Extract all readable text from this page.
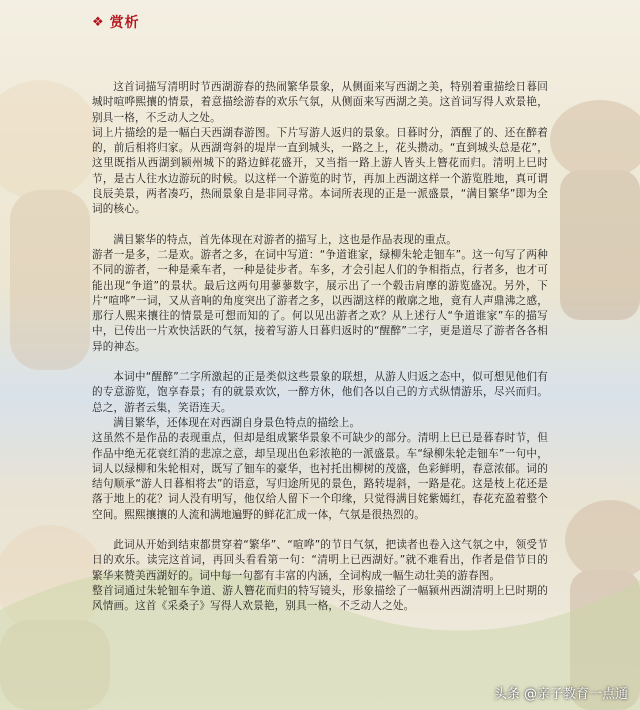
❖ 赏析

这首词描写清明时节西湖游春的热闹繁华景象，从侧面来写西湖之美，特别着重描绘日暮回城时喧哗熙攘的情景，着意描绘游春的欢乐气氛，从侧面来写西湖之美。这首词写得人欢景艳，别具一格，不乏动人之处。

词上片描绘的是一幅白天西湖春游图。下片写游人返归的景象。日暮时分，酒醒了的、还在醉着的，前后相将归家。从西湖弯斜的堤岸一直到城头，一路之上，花头攒动。“直到城头总是花”，这里既指从西湖到颍州城下的路边鲜花盛开，又当指一路上游人皆头上簪花而归。清明上巳时节，是古人往水边游玩的时候。以这样一个游览的时节，再加上西湖这样一个游览胜地，真可谓良辰美景，两者凑巧，热闹景象自是非同寻常。本词所表现的正是一派盛景，“满目繁华”即为全词的核心。

满目繁华的特点，首先体现在对游者的描写上，这也是作品表现的重点。

游者一是多，二是欢。游者之多，在词中写道：“争道谁家，绿柳朱轮走钿车”。这一句写了两种不同的游者，一种是乘车者，一种是徒步者。车多，才会引起人们的争相指点，行者多，也才可能出现“争道”的景状。最后这两句用蓼蓼数字，展示出了一个毂击肩摩的游览盛况。另外，下片“喧哗”一词，又从音响的角度突出了游者之多，以西湖这样的敞廓之地，竟有人声鼎沸之感，那行人熙来攘往的情景是可想而知的了。何以见出游者之欢？从上述行人“争道谁家”车的描写中，已传出一片欢快活跃的气氛，接着写游人日暮归返时的“醒醉”二字，更是道尽了游者各各相异的神态。

本词中“醒醉”二字所激起的正是类似这些景象的联想，从游人归返之态中，似可想见他们有的专意游览，饱享春景；有的就景欢饮，一醉方休，他们各以自己的方式纵情游乐，尽兴而归。总之，游者云集，笑语连天。

满目繁华，还体现在对西湖自身景色特点的描绘上。

这虽然不是作品的表现重点，但却是组成繁华景象不可缺少的部分。清明上巳已是暮春时节，但作品中绝无花衰红消的悲凉之意，却呈现出色彩浓艳的一派盛景。车“绿柳朱轮走钿车”一句中，词人以绿柳和朱轮相对，既写了钿车的豪华，也衬托出柳树的茂盛，色彩鲜明，春意浓郁。词的结句顺承“游人日暮相将去”的语意，写归途所见的景色，路转堤斜，一路是花。这是枝上花还是落于地上的花？词人没有明写，他仅给人留下一个印缘，只觉得满目姹紫嫣红，春花充盈着整个空间。熙熙攘攘的人流和满地遍野的鲜花汇成一体，气氛是很热烈的。

此词从开始到结束都贯穿着“繁华”、“喧哗”的节日气氛，把读者也卷入这气氛之中，领受节日的欢乐。读完这首词，再回头看看第一句：“清明上已西湖好。”就不难看出，作者是借节日的繁华来赞美西湖好的。词中每一句都有丰富的内涵，全词构成一幅生动壮美的游春图。

整首词通过朱轮钿车争道、游人簪花而归的特写镜头，形象描绘了一幅颍州西湖清明上巳时期的风情画。这首《采桑子》写得人欢景艳，别具一格，不乏动人之处。

头条 @亲子教育一点通
